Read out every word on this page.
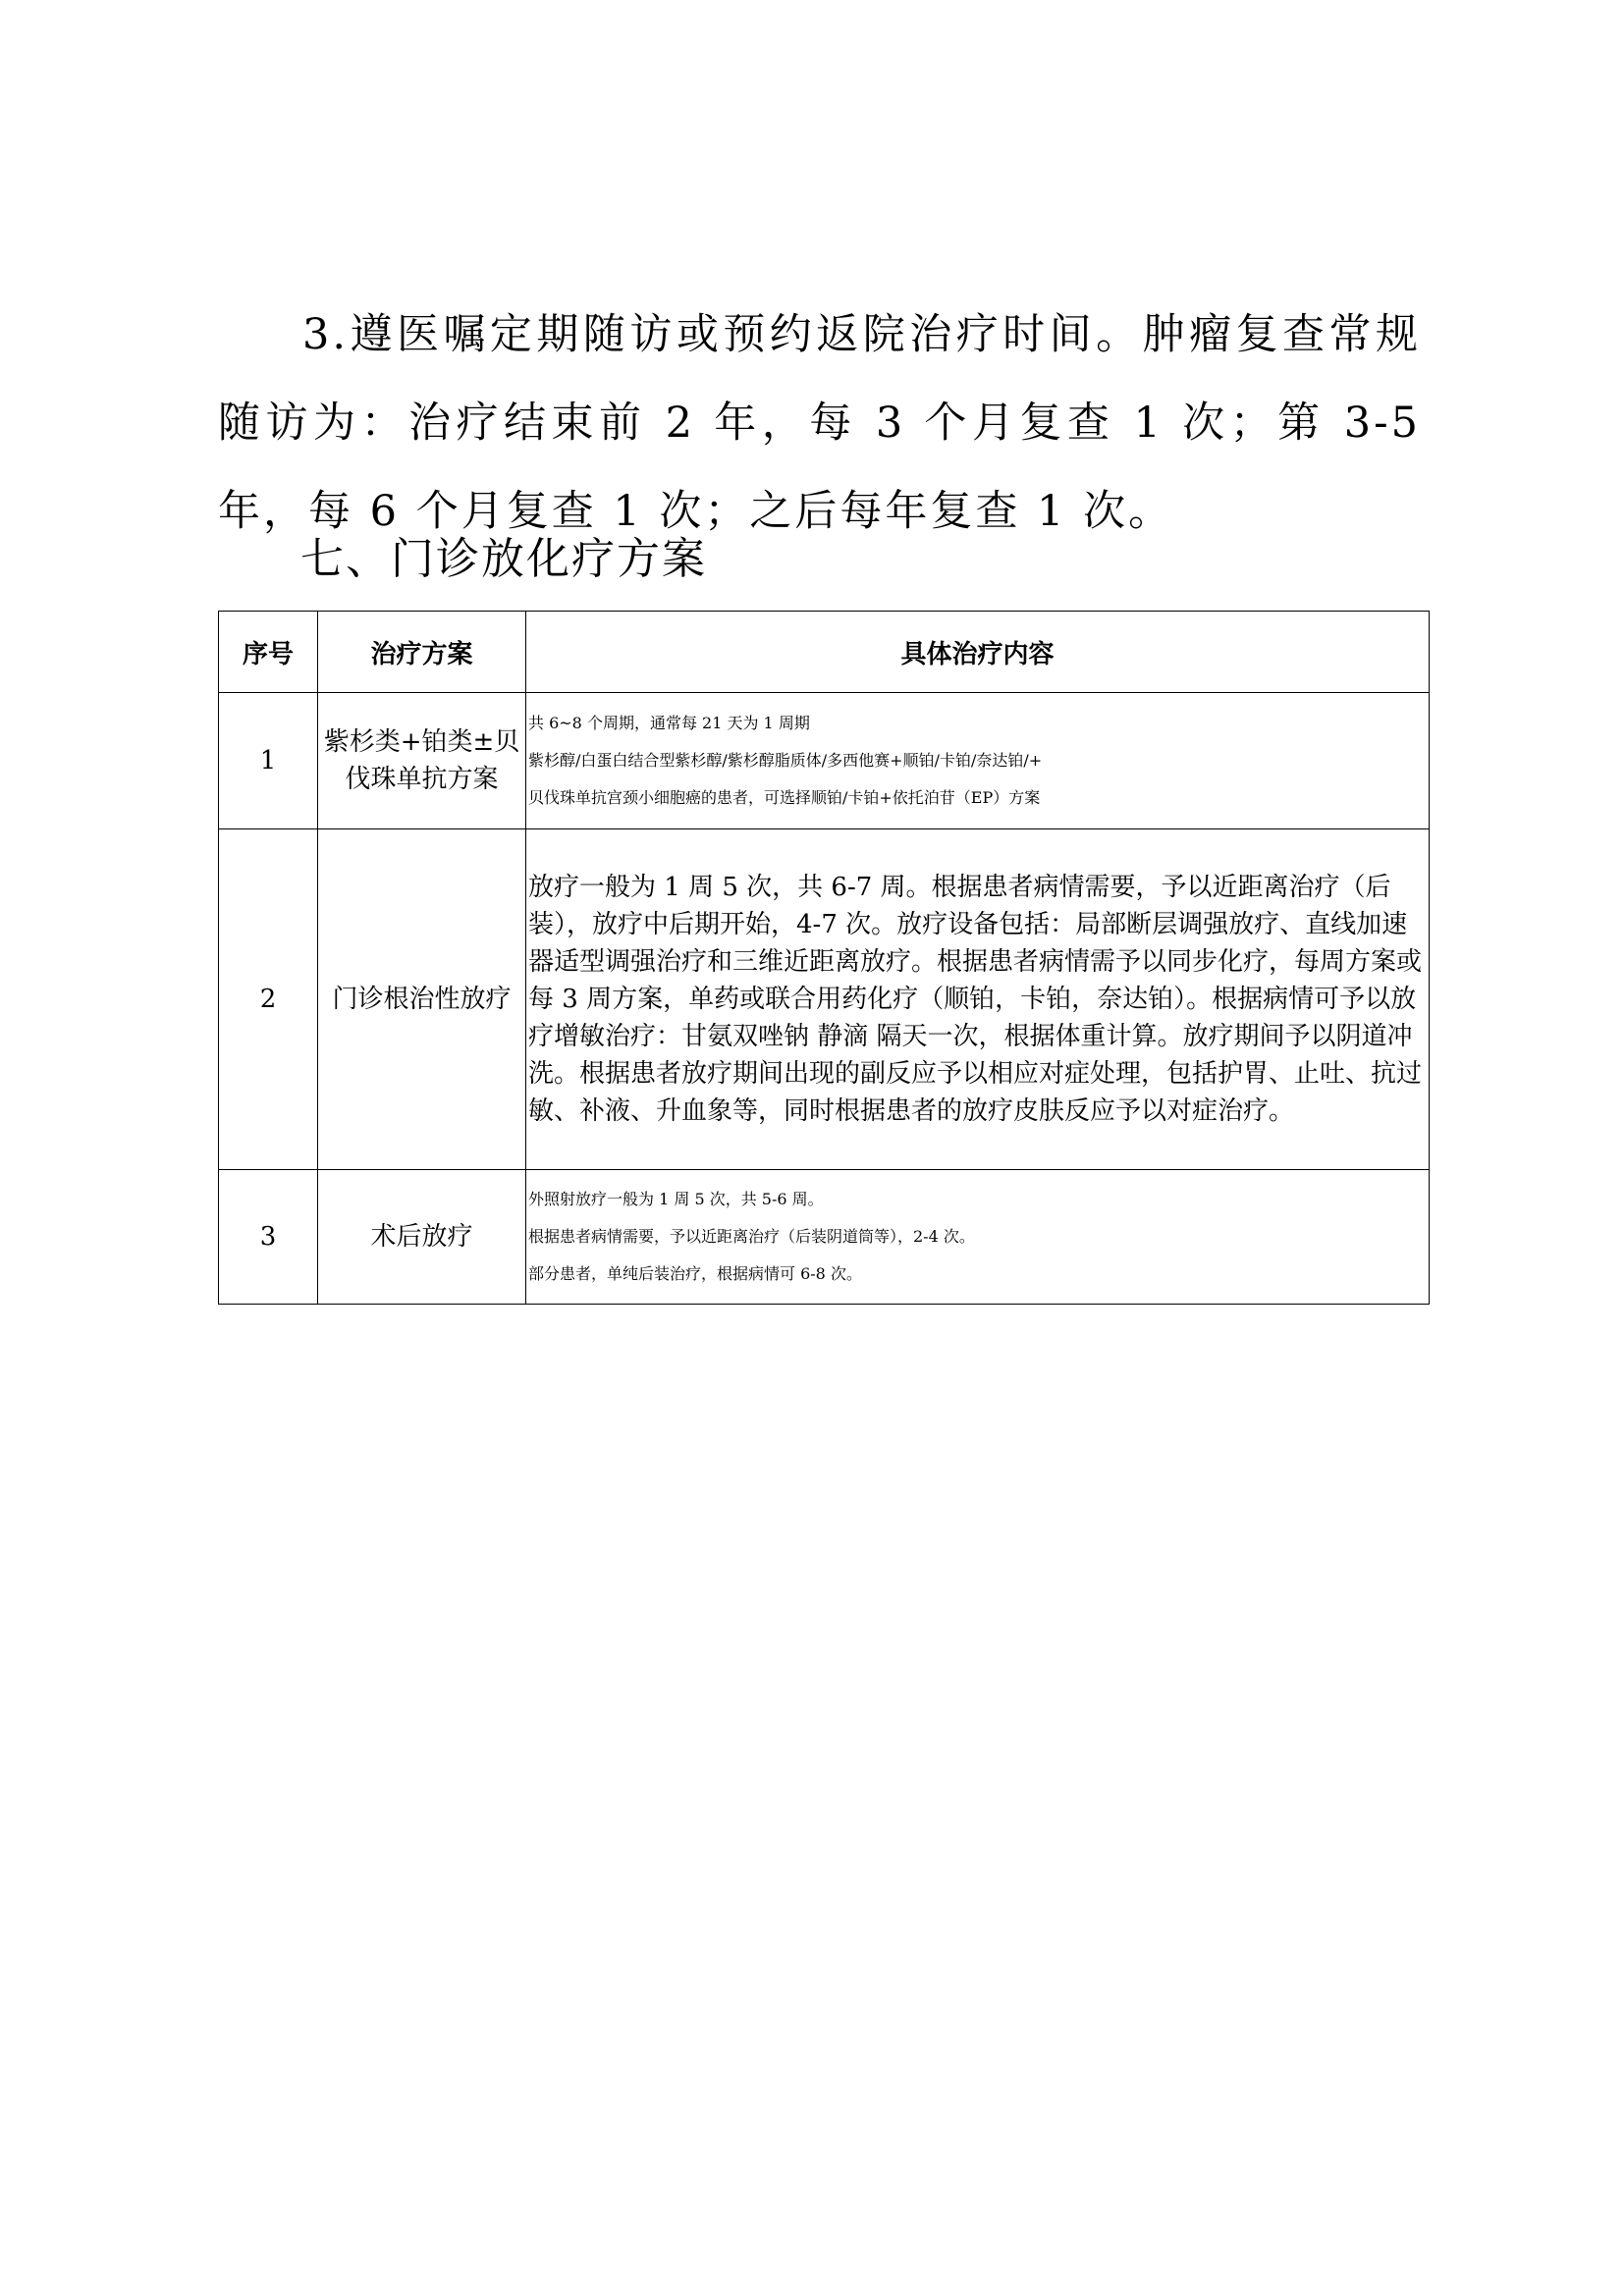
3.遵医嘱定期随访或预约返院治疗时间。肿瘤复查常规随访为：治疗结束前 2 年，每 3 个月复查 1 次；第 3-5 年，每 6 个月复查 1 次；之后每年复查 1 次。

七、门诊放化疗方案
序号	治疗方案	具体治疗内容
1	紫杉类+铂类±贝伐珠单抗方案	共 6~8 个周期，通常每 21 天为 1 周期
紫杉醇/白蛋白结合型紫杉醇/紫杉醇脂质体/多西他赛+顺铂/卡铂/奈达铂/+
贝伐珠单抗宫颈小细胞癌的患者，可选择顺铂/卡铂+依托泊苷（EP）方案

2	门诊根治性放疗	放疗一般为 1 周 5 次，共 6-7 周。根据患者病情需要，予以近距离治疗（后装），放疗中后期开始，4-7 次。放疗设备包括：局部断层调强放疗、直线加速器适型调强治疗和三维近距离放疗。根据患者病情需予以同步化疗，每周方案或每 3 周方案，单药或联合用药化疗（顺铂，卡铂，奈达铂）。根据病情可予以放疗增敏治疗：甘氨双唑钠 静滴 隔天一次，根据体重计算。放疗期间予以阴道冲洗。根据患者放疗期间出现的副反应予以相应对症处理，包括护胃、止吐、抗过敏、补液、升血象等，同时根据患者的放疗皮肤反应予以对症治疗。

3	术后放疗	外照射放疗一般为 1 周 5 次，共 5-6 周。
根据患者病情需要，予以近距离治疗（后装阴道筒等），2-4 次。
部分患者，单纯后装治疗，根据病情可 6-8 次。
